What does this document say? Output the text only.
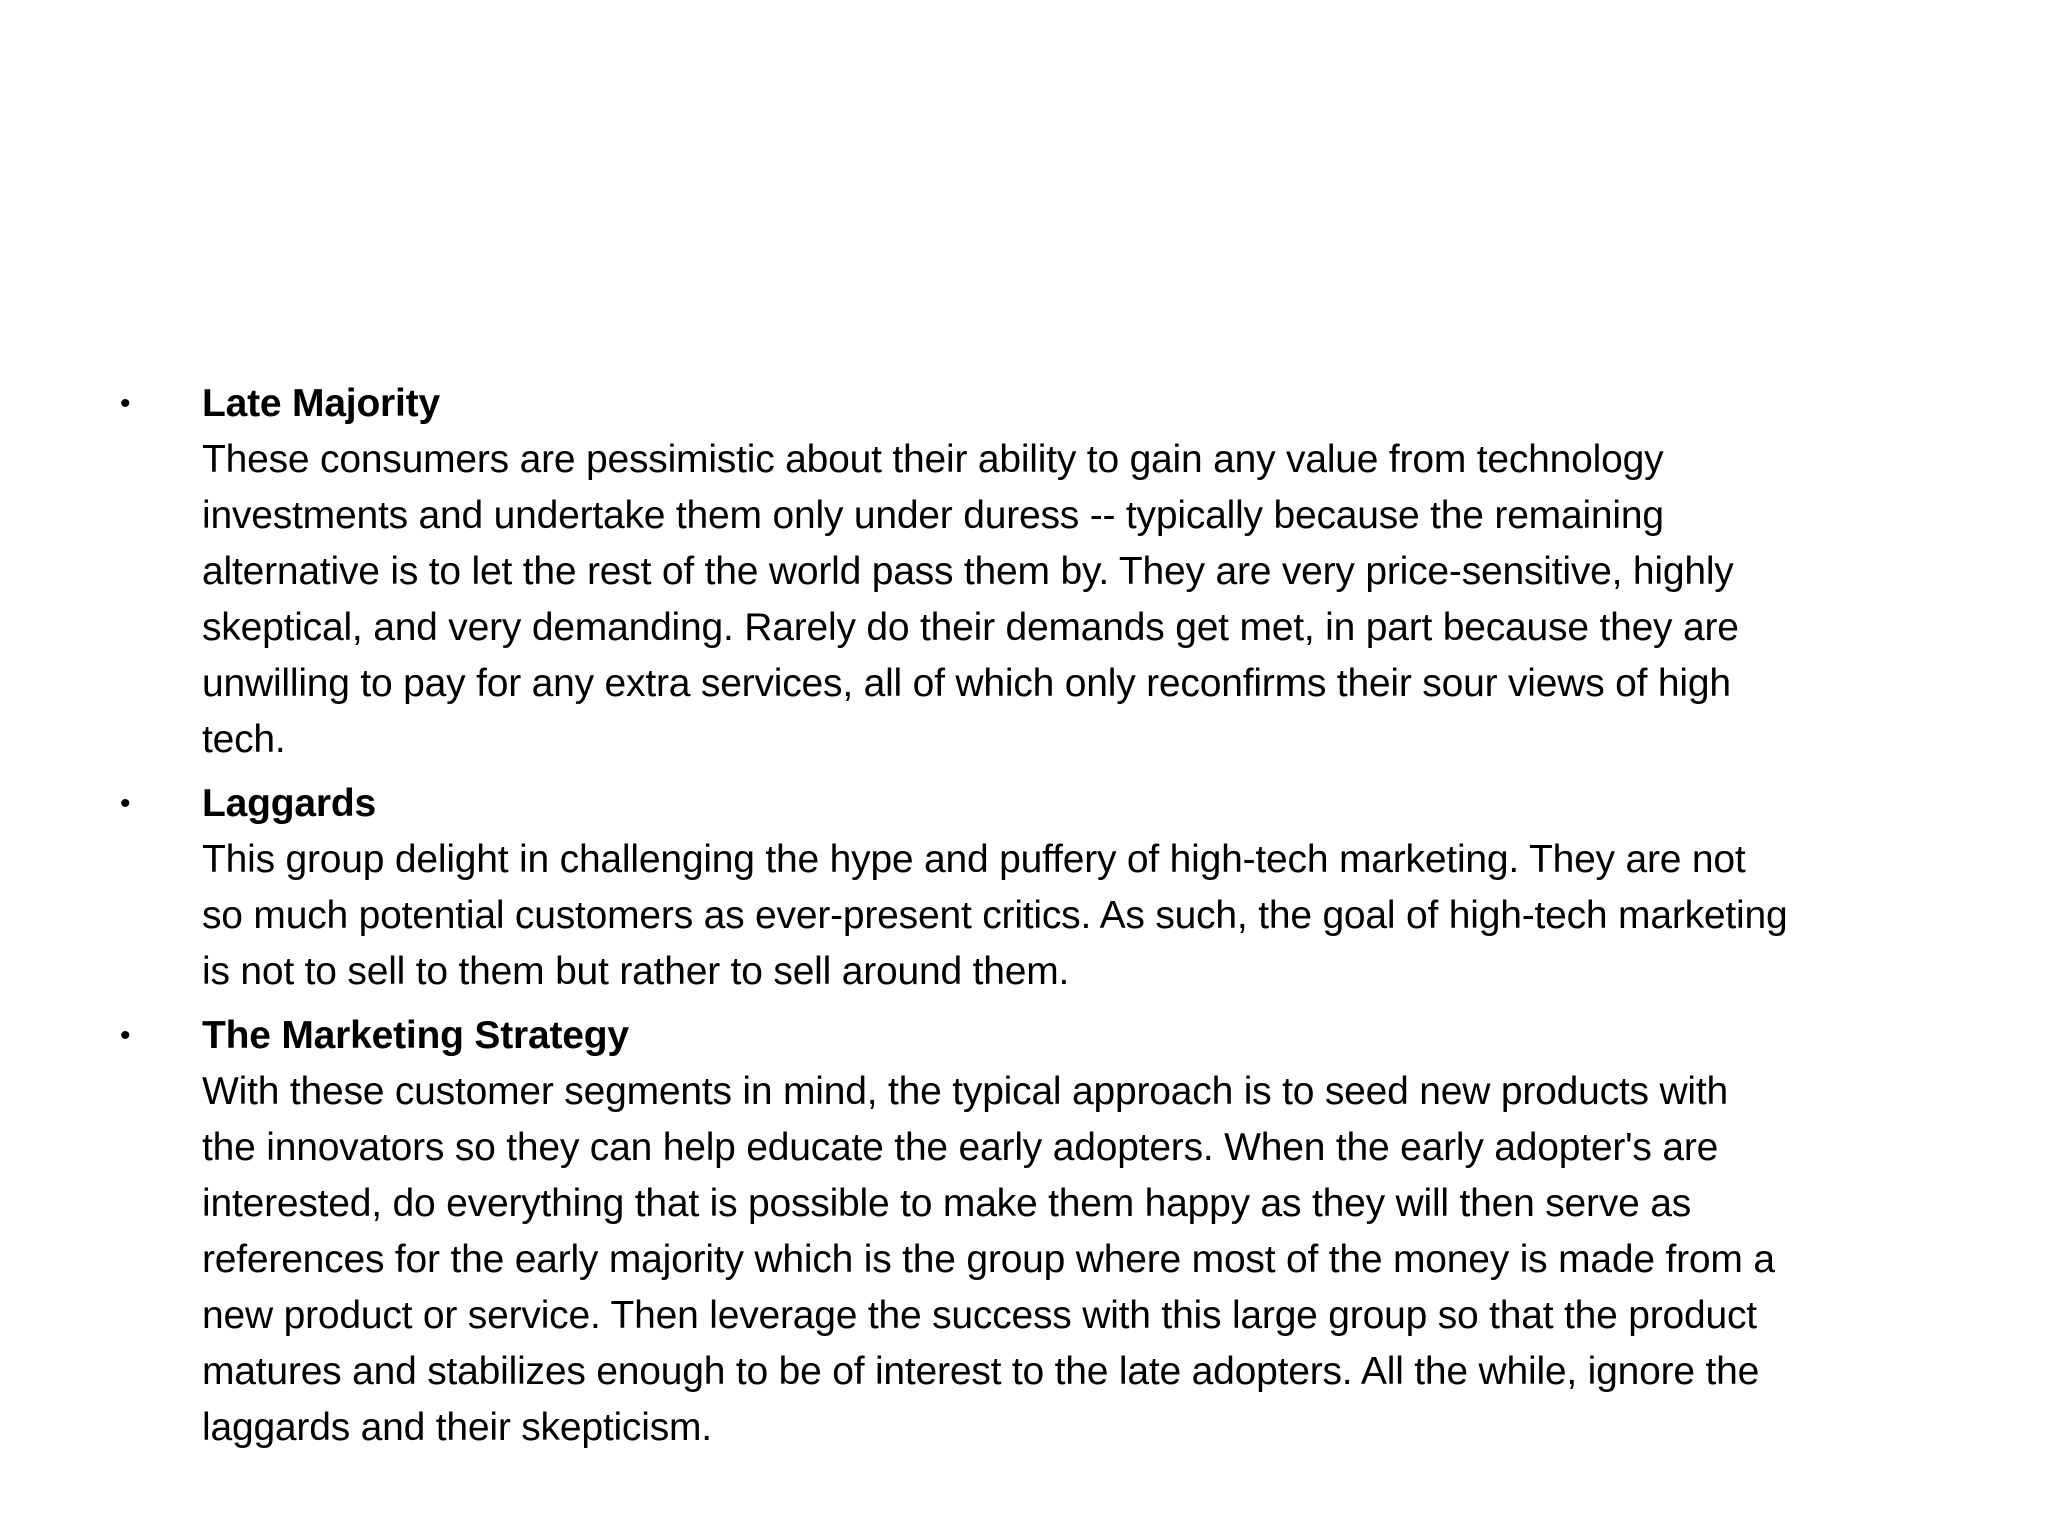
•	Late Majority

These consumers are pessimistic about their ability to gain any value from technology
investments and undertake them only under duress -- typically because the remaining
alternative is to let the rest of the world pass them by. They are very price-sensitive, highly
skeptical, and very demanding. Rarely do their demands get met, in part because they are
unwilling to pay for any extra services, all of which only reconfirms their sour views of high
tech.

•	Laggards

This group delight in challenging the hype and puffery of high-tech marketing. They are not
so much potential customers as ever-present critics. As such, the goal of high-tech marketing
is not to sell to them but rather to sell around them.

•	The Marketing Strategy

With these customer segments in mind, the typical approach is to seed new products with
the innovators so they can help educate the early adopters. When the early adopter's are
interested, do everything that is possible to make them happy as they will then serve as
references for the early majority which is the group where most of the money is made from a
new product or service. Then leverage the success with this large group so that the product
matures and stabilizes enough to be of interest to the late adopters. All the while, ignore the
laggards and their skepticism.
